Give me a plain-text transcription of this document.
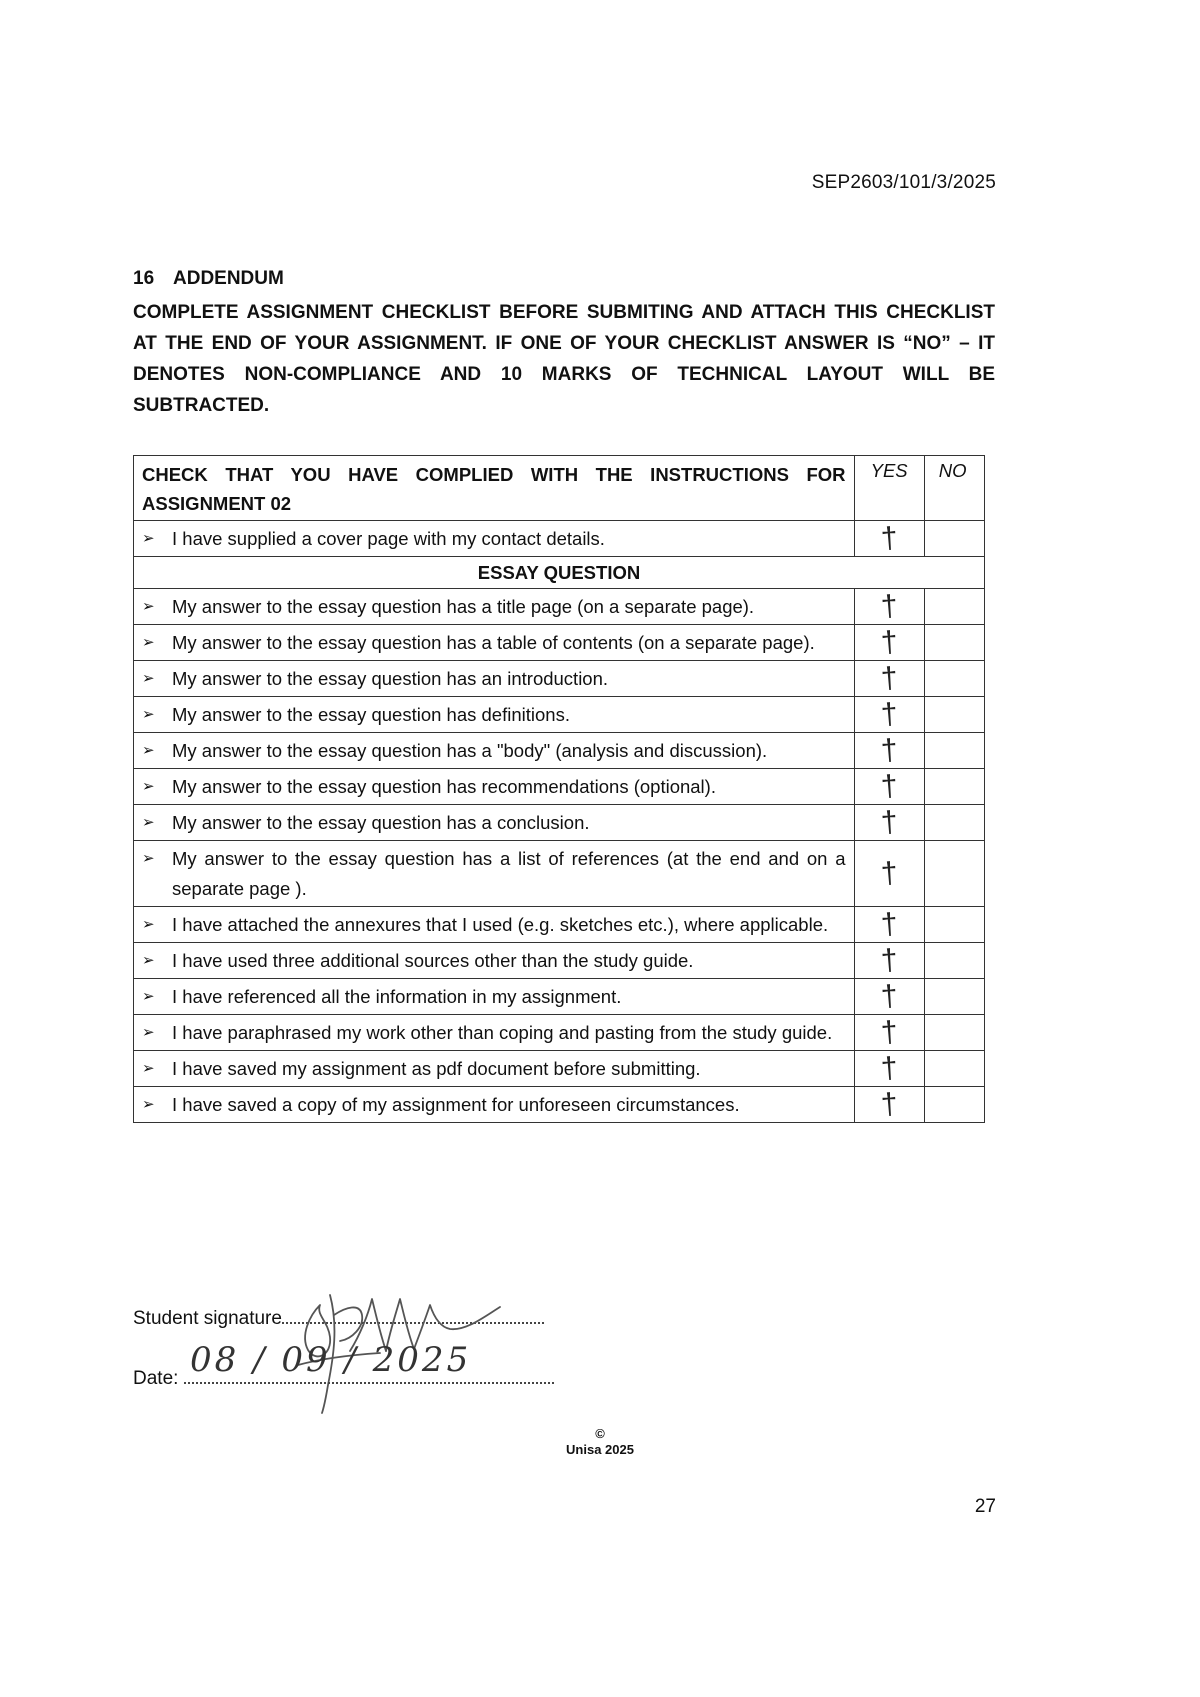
SEP2603/101/3/2025
16 ADDENDUM

COMPLETE ASSIGNMENT CHECKLIST BEFORE SUBMITING AND ATTACH THIS CHECKLIST AT THE END OF YOUR ASSIGNMENT. IF ONE OF YOUR CHECKLIST ANSWER IS “NO” – IT DENOTES NON-COMPLIANCE AND 10 MARKS OF TECHNICAL LAYOUT WILL BE SUBTRACTED.

CHECK THAT YOU HAVE COMPLIED WITH THE INSTRUCTIONS FOR ASSIGNMENT 02	YES	NO

➢ I have supplied a cover page with my contact details.	†	
ESSAY QUESTION		

➢ My answer to the essay question has a title page (on a separate page).	†	

➢ My answer to the essay question has a table of contents (on a separate page).	†	

➢ My answer to the essay question has an introduction.	†	

➢ My answer to the essay question has definitions.	†	

➢ My answer to the essay question has a "body" (analysis and discussion).	†	

➢ My answer to the essay question has recommendations (optional).	†	

➢ My answer to the essay question has a conclusion.	†	

➢ My answer to the essay question has a list of references (at the end and on a separate page ).	†	

➢ I have attached the annexures that I used (e.g. sketches etc.), where applicable.	†	

➢ I have used three additional sources other than the study guide.	†	

➢ I have referenced all the information in my assignment.	†	

➢ I have paraphrased my work other than coping and pasting from the study guide.	†	

➢ I have saved my assignment as pdf document before submitting.	†	

➢ I have saved a copy of my assignment for unforeseen circumstances.	†	
Student signature
Date: 08 / 09 / 2025
©
Unisa 2025
27
